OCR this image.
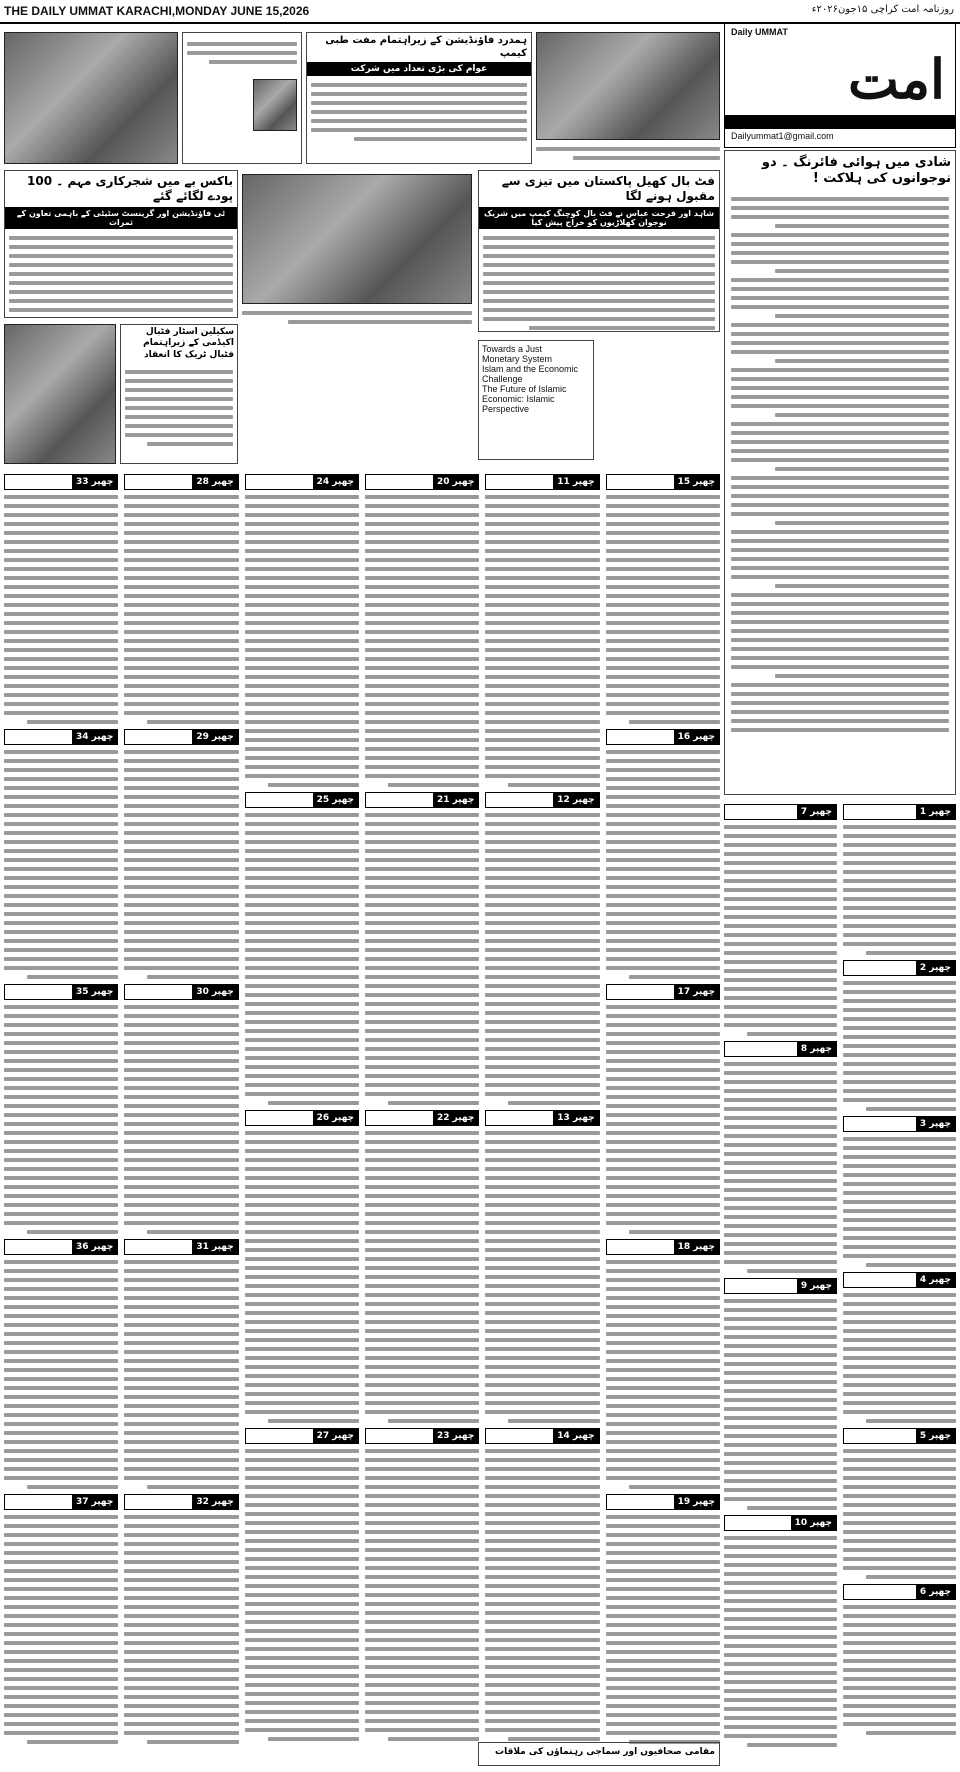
THE DAILY UMMAT KARACHI,MONDAY JUNE 15,2026	روزنامہ امت کراچی ۱۵جون۲۰۲۶ء
Daily UMMAT
امت
Dailyummat1@gmail.com
شادی میں ہوائی فائرنگ ۔ دو نوجوانوں کی ہلاکت !
ہمدرد فاؤنڈیشن کے زیراہتمام مفت طبی کیمپ
عوام کی بڑی تعداد میں شرکت
فٹ بال کھیل پاکستان میں تیزی سے مقبول ہونے لگا
شاہد اور فرحت عباس نے فٹ بال کوچنگ کیمپ میں شریک نوجوان کھلاڑیوں کو خراج پیش کیا
باکس بے میں شجرکاری مہم ۔ 100 پودے لگائے گئے
ٹی فاؤنڈیشن اور گرینسٹ سٹیٹی کے باہمی تعاون کے ثمرات
سکیلین اسٹار فٹبال اکیڈمی کے زیراہتمام فٹبال ٹریک کا انعقاد
Towards a Just
Monetary System
Islam and the Economic Challenge
The Future of Islamic Economic: Islamic Perspective
چھپر 15
چھپر 16
چھپر 17
چھپر 18
چھپر 19
چھپر 11
چھپر 12
چھپر 13
چھپر 14
چھپر 20
چھپر 21
چھپر 22
چھپر 23
چھپر 24
چھپر 25
چھپر 26
چھپر 27
چھپر 28
چھپر 29
چھپر 30
چھپر 31
چھپر 32
چھپر 33
چھپر 34
چھپر 35
چھپر 36
چھپر 37
چھپر 1
چھپر 2
چھپر 3
چھپر 4
چھپر 5
چھپر 6
چھپر 7
چھپر 8
چھپر 9
چھپر 10
مقامی صحافیوں اور سماجی رہنماؤں کی ملاقات
